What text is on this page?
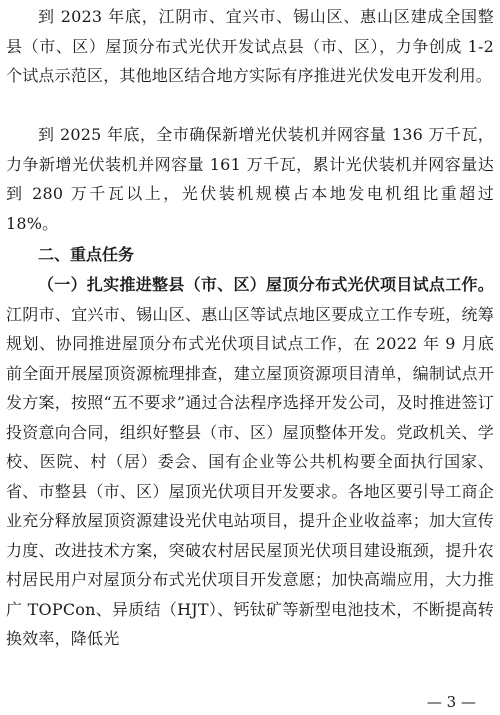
到 2023 年底，江阴市、宜兴市、锡山区、惠山区建成全国整县（市、区）屋顶分布式光伏开发试点县（市、区），力争创成 1-2 个试点示范区，其他地区结合地方实际有序推进光伏发电开发利用。

到 2025 年底，全市确保新增光伏装机并网容量 136 万千瓦，力争新增光伏装机并网容量 161 万千瓦，累计光伏装机并网容量达到 280 万千瓦以上，光伏装机规模占本地发电机组比重超过 18%。

二、重点任务

（一）扎实推进整县（市、区）屋顶分布式光伏项目试点工作。江阴市、宜兴市、锡山区、惠山区等试点地区要成立工作专班，统筹规划、协同推进屋顶分布式光伏项目试点工作，在 2022 年 9 月底前全面开展屋顶资源梳理排查，建立屋顶资源项目清单，编制试点开发方案，按照“五不要求”通过合法程序选择开发公司，及时推进签订投资意向合同，组织好整县（市、区）屋顶整体开发。党政机关、学校、医院、村（居）委会、国有企业等公共机构要全面执行国家、省、市整县（市、区）屋顶光伏项目开发要求。各地区要引导工商企业充分释放屋顶资源建设光伏电站项目，提升企业收益率；加大宣传力度、改进技术方案，突破农村居民屋顶光伏项目建设瓶颈，提升农村居民用户对屋顶分布式光伏项目开发意愿；加快高端应用，大力推广 TOPCon、异质结（HJT）、钙钛矿等新型电池技术，不断提高转换效率，降低光

— 3 —
